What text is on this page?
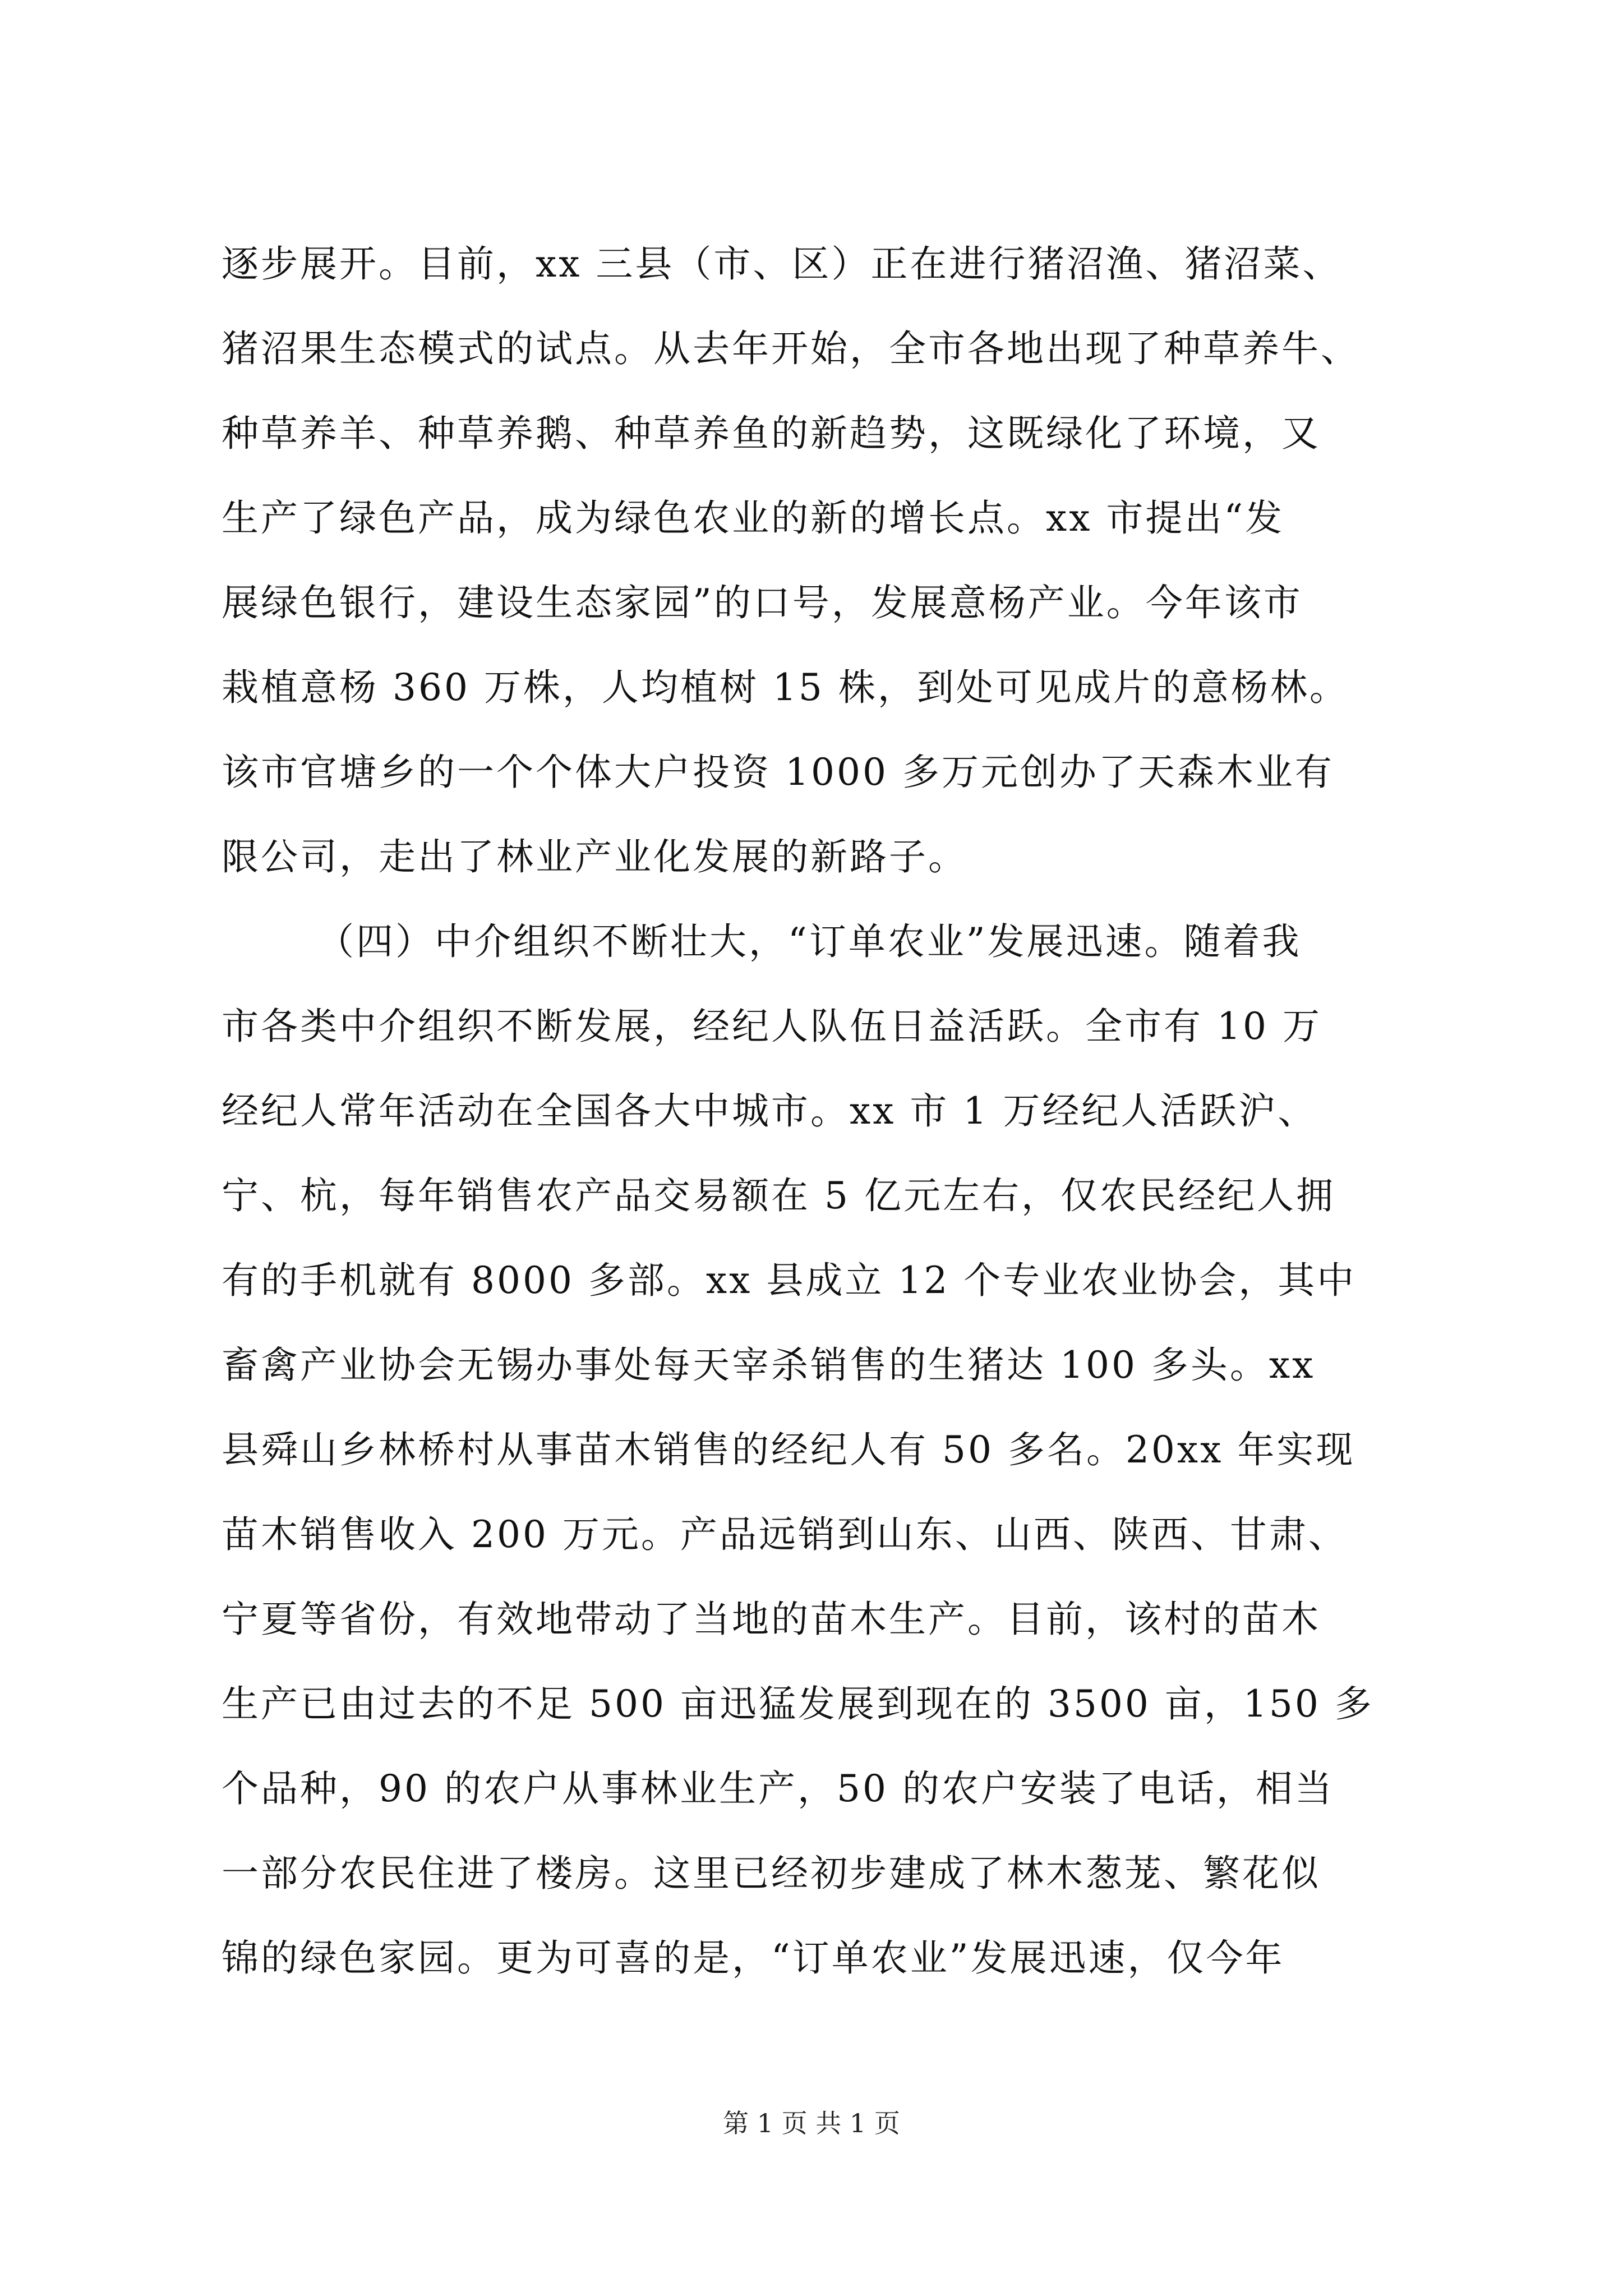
逐步展开。目前，xx 三县（市、区）正在进行猪沼渔、猪沼菜、
猪沼果生态模式的试点。从去年开始，全市各地出现了种草养牛、
种草养羊、种草养鹅、种草养鱼的新趋势，这既绿化了环境，又
生产了绿色产品，成为绿色农业的新的增长点。xx 市提出“发
展绿色银行，建设生态家园”的口号，发展意杨产业。今年该市
栽植意杨 360 万株，人均植树 15 株，到处可见成片的意杨林。
该市官塘乡的一个个体大户投资 1000 多万元创办了天森木业有
限公司，走出了林业产业化发展的新路子。
（四）中介组织不断壮大，“订单农业”发展迅速。随着我
市各类中介组织不断发展，经纪人队伍日益活跃。全市有 10 万
经纪人常年活动在全国各大中城市。xx 市 1 万经纪人活跃沪、
宁、杭，每年销售农产品交易额在 5 亿元左右，仅农民经纪人拥
有的手机就有 8000 多部。xx 县成立 12 个专业农业协会，其中
畜禽产业协会无锡办事处每天宰杀销售的生猪达 100 多头。xx
县舜山乡林桥村从事苗木销售的经纪人有 50 多名。20xx 年实现
苗木销售收入 200 万元。产品远销到山东、山西、陕西、甘肃、
宁夏等省份，有效地带动了当地的苗木生产。目前，该村的苗木
生产已由过去的不足 500 亩迅猛发展到现在的 3500 亩，150 多
个品种，90 的农户从事林业生产，50 的农户安装了电话，相当
一部分农民住进了楼房。这里已经初步建成了林木葱茏、繁花似
锦的绿色家园。更为可喜的是，“订单农业”发展迅速，仅今年
第 1 页 共 1 页
